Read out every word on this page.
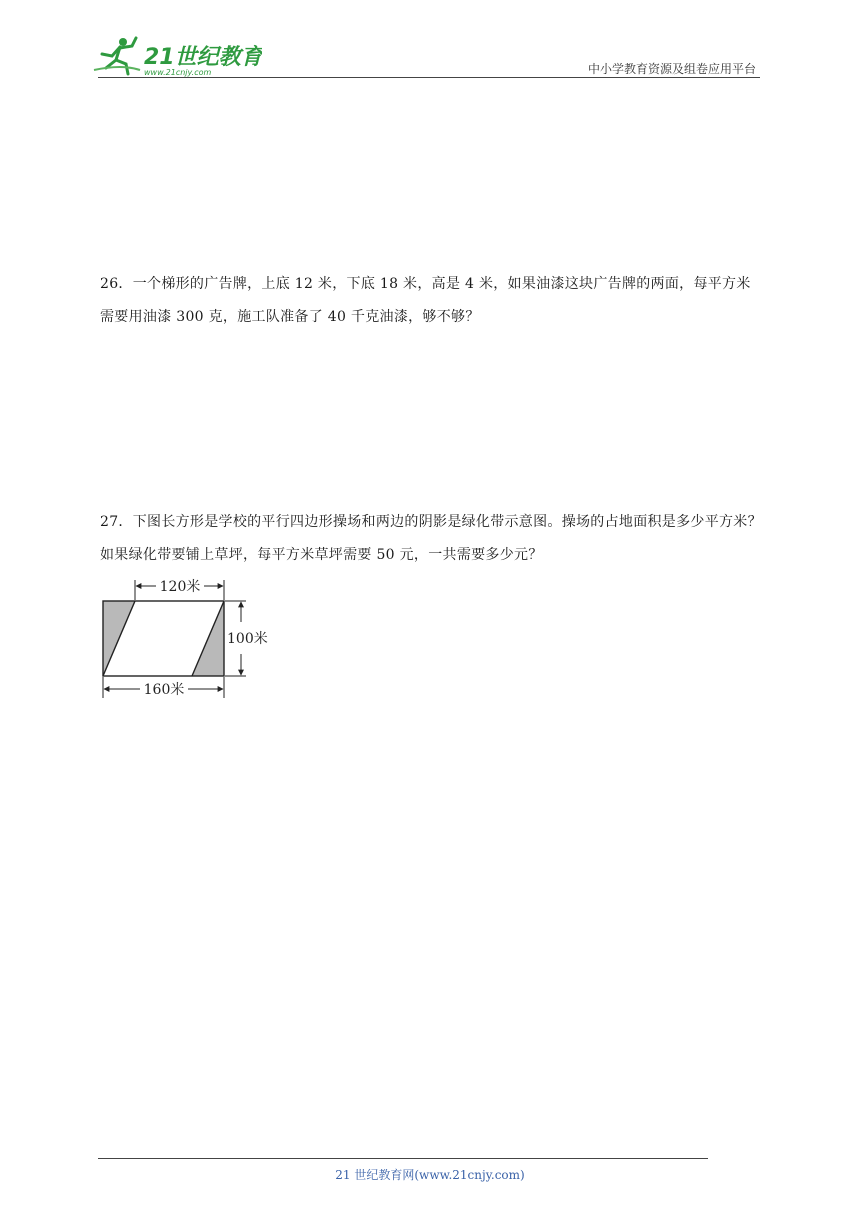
21世纪教育
www.21cnjy.com	中小学教育资源及组卷应用平台
26．一个梯形的广告牌，上底 12 米，下底 18 米，高是 4 米，如果油漆这块广告牌的两面，每平方米需要用油漆 300 克，施工队准备了 40 千克油漆，够不够？
27．下图长方形是学校的平行四边形操场和两边的阴影是绿化带示意图。操场的占地面积是多少平方米？如果绿化带要铺上草坪，每平方米草坪需要 50 元，一共需要多少元？
120米
100米
160米
21 世纪教育网(www.21cnjy.com)
